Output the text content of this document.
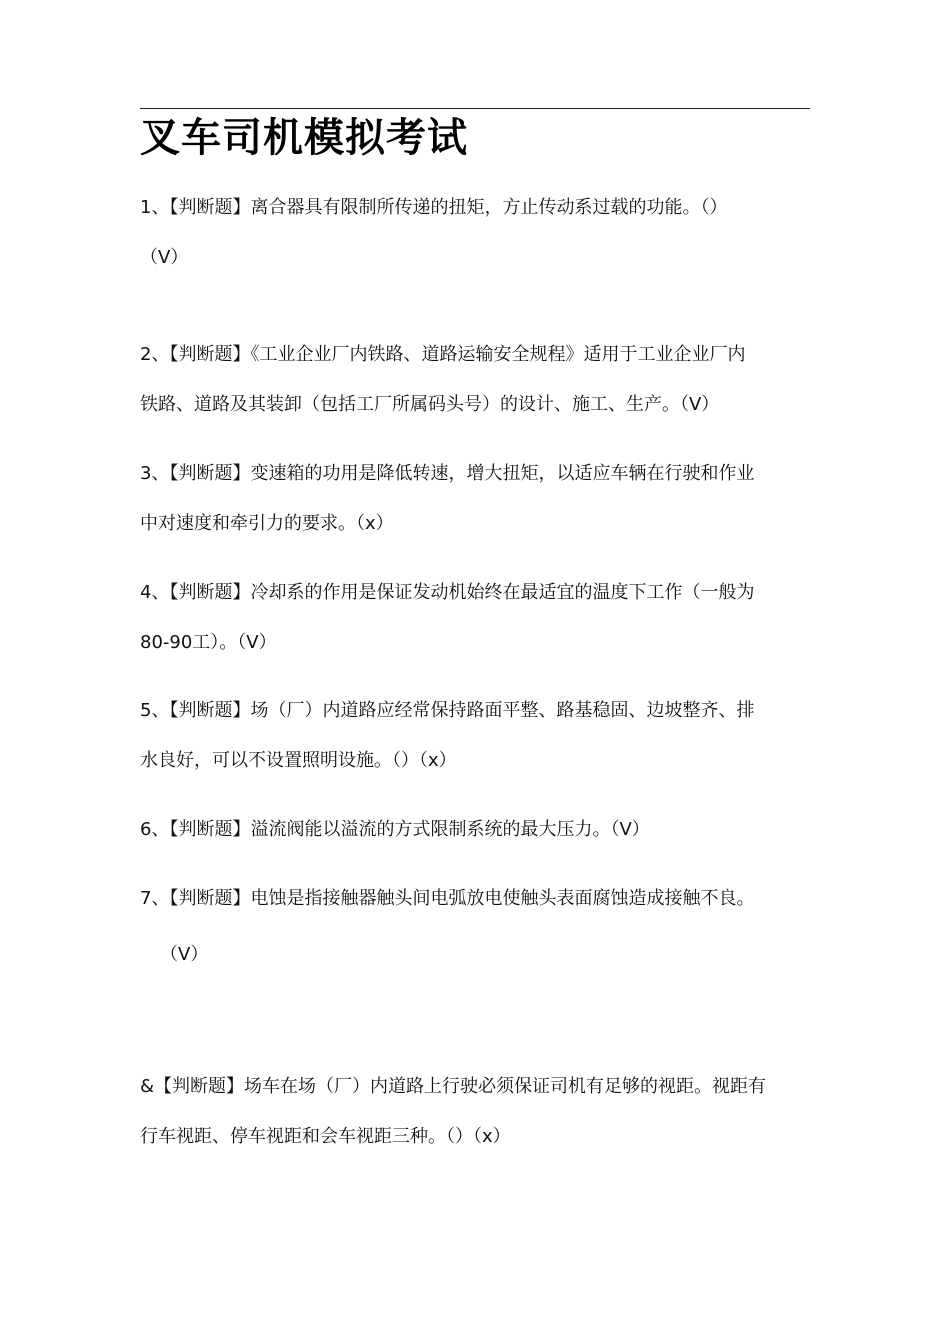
叉车司机模拟考试
1、【判断题】离合器具有限制所传递的扭矩，方止传动系过载的功能。（）
（V）
2、【判断题】《工业企业厂内铁路、道路运输安全规程》适用于工业企业厂内
铁路、道路及其装卸（包括工厂所属码头号）的设计、施工、生产。（V）
3、【判断题】变速箱的功用是降低转速，增大扭矩，以适应车辆在行驶和作业
中对速度和牵引力的要求。（x）
4、【判断题】冷却系的作用是保证发动机始终在最适宜的温度下工作（一般为
80-90工）。（V）
5、【判断题】场（厂）内道路应经常保持路面平整、路基稳固、边坡整齐、排
水良好，可以不设置照明设施。（）（x）
6、【判断题】溢流阀能以溢流的方式限制系统的最大压力。（V）
7、【判断题】电蚀是指接触器触头间电弧放电使触头表面腐蚀造成接触不良。
（V）
&【判断题】场车在场（厂）内道路上行驶必须保证司机有足够的视距。视距有
行车视距、停车视距和会车视距三种。（）（x）
